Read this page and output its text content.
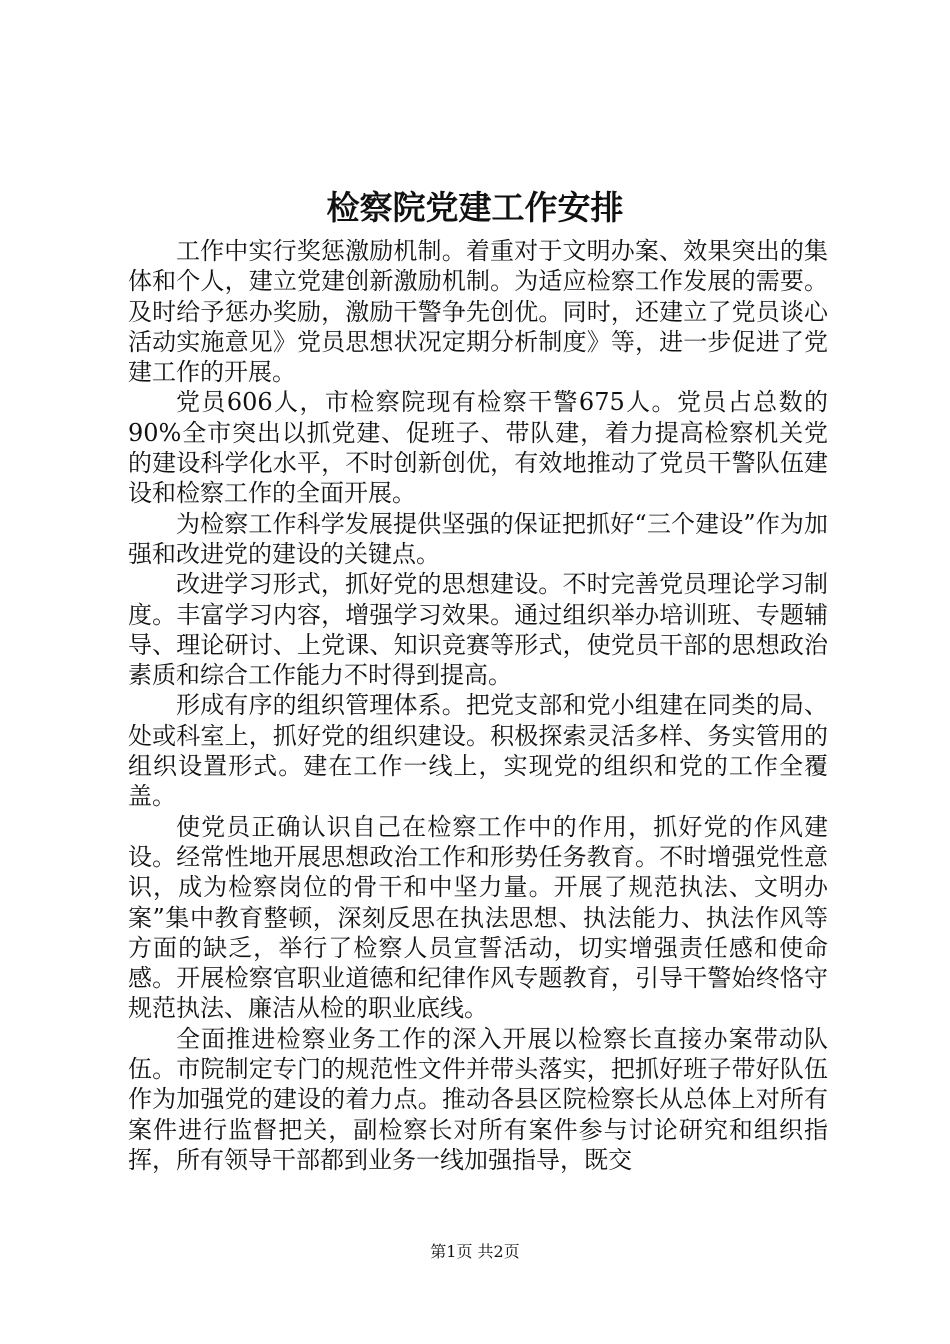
检察院党建工作安排

工作中实行奖惩激励机制。着重对于文明办案、效果突出的集体和个人，建立党建创新激励机制。为适应检察工作发展的需要。及时给予惩办奖励，激励干警争先创优。同时，还建立了党员谈心活动实施意见》党员思想状况定期分析制度》等，进一步促进了党建工作的开展。

党员606人，市检察院现有检察干警675人。党员占总数的90%全市突出以抓党建、促班子、带队建，着力提高检察机关党的建设科学化水平，不时创新创优，有效地推动了党员干警队伍建设和检察工作的全面开展。

为检察工作科学发展提供坚强的保证把抓好“三个建设”作为加强和改进党的建设的关键点。

改进学习形式，抓好党的思想建设。不时完善党员理论学习制度。丰富学习内容，增强学习效果。通过组织举办培训班、专题辅导、理论研讨、上党课、知识竞赛等形式，使党员干部的思想政治素质和综合工作能力不时得到提高。

形成有序的组织管理体系。把党支部和党小组建在同类的局、处或科室上，抓好党的组织建设。积极探索灵活多样、务实管用的组织设置形式。建在工作一线上，实现党的组织和党的工作全覆盖。

使党员正确认识自己在检察工作中的作用，抓好党的作风建设。经常性地开展思想政治工作和形势任务教育。不时增强党性意识，成为检察岗位的骨干和中坚力量。开展了规范执法、文明办案”集中教育整顿，深刻反思在执法思想、执法能力、执法作风等方面的缺乏，举行了检察人员宣誓活动，切实增强责任感和使命感。开展检察官职业道德和纪律作风专题教育，引导干警始终恪守规范执法、廉洁从检的职业底线。

全面推进检察业务工作的深入开展以检察长直接办案带动队伍。市院制定专门的规范性文件并带头落实，把抓好班子带好队伍作为加强党的建设的着力点。推动各县区院检察长从总体上对所有案件进行监督把关，副检察长对所有案件参与讨论研究和组织指挥，所有领导干部都到业务一线加强指导，既交

第1页 共2页
